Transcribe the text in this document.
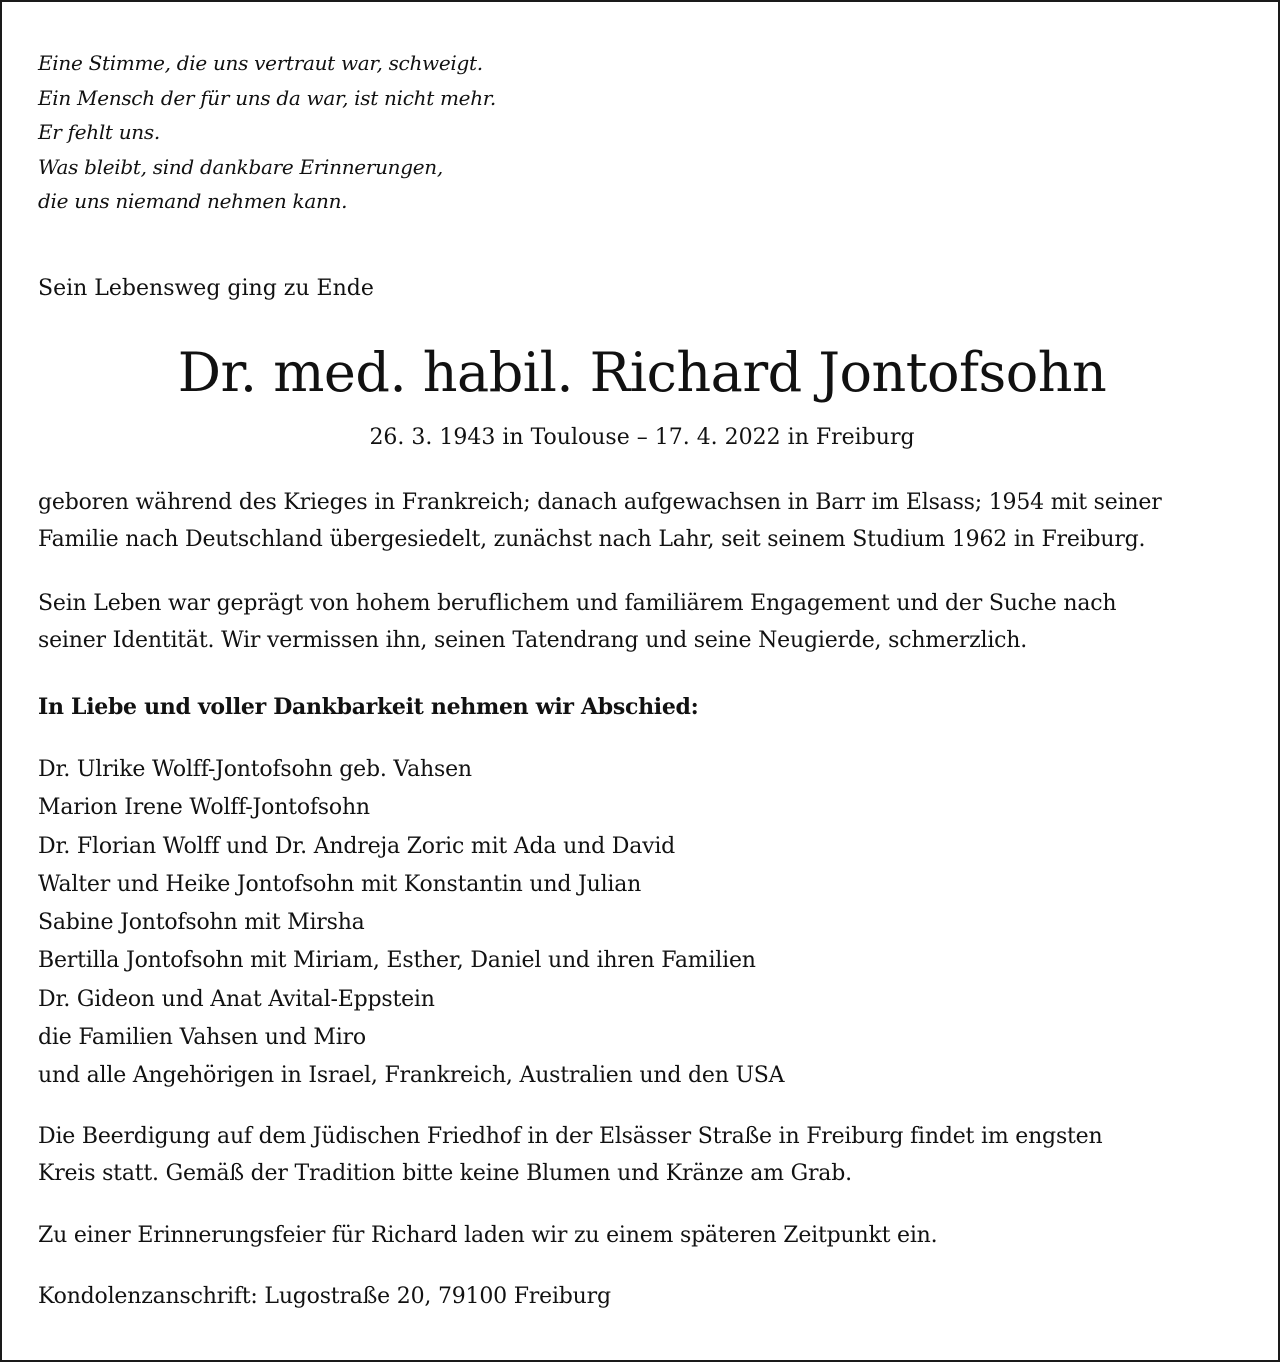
Eine Stimme, die uns vertraut war, schweigt.
Ein Mensch der für uns da war, ist nicht mehr.
Er fehlt uns.
Was bleibt, sind dankbare Erinnerungen,
die uns niemand nehmen kann.
Sein Lebensweg ging zu Ende
Dr. med. habil. Richard Jontofsohn
26. 3. 1943 in Toulouse – 17. 4. 2022 in Freiburg
geboren während des Krieges in Frankreich; danach aufgewachsen in Barr im Elsass; 1954 mit seiner
Familie nach Deutschland übergesiedelt, zunächst nach Lahr, seit seinem Studium 1962 in Freiburg.
Sein Leben war geprägt von hohem beruflichem und familiärem Engagement und der Suche nach
seiner Identität. Wir vermissen ihn, seinen Tatendrang und seine Neugierde, schmerzlich.
In Liebe und voller Dankbarkeit nehmen wir Abschied:
Dr. Ulrike Wolff-Jontofsohn geb. Vahsen
Marion Irene Wolff-Jontofsohn
Dr. Florian Wolff und Dr. Andreja Zoric mit Ada und David
Walter und Heike Jontofsohn mit Konstantin und Julian
Sabine Jontofsohn mit Mirsha
Bertilla Jontofsohn mit Miriam, Esther, Daniel und ihren Familien
Dr. Gideon und Anat Avital-Eppstein
die Familien Vahsen und Miro
und alle Angehörigen in Israel, Frankreich, Australien und den USA
Die Beerdigung auf dem Jüdischen Friedhof in der Elsässer Straße in Freiburg findet im engsten
Kreis statt. Gemäß der Tradition bitte keine Blumen und Kränze am Grab.
Zu einer Erinnerungsfeier für Richard laden wir zu einem späteren Zeitpunkt ein.
Kondolenzanschrift: Lugostraße 20, 79100 Freiburg
